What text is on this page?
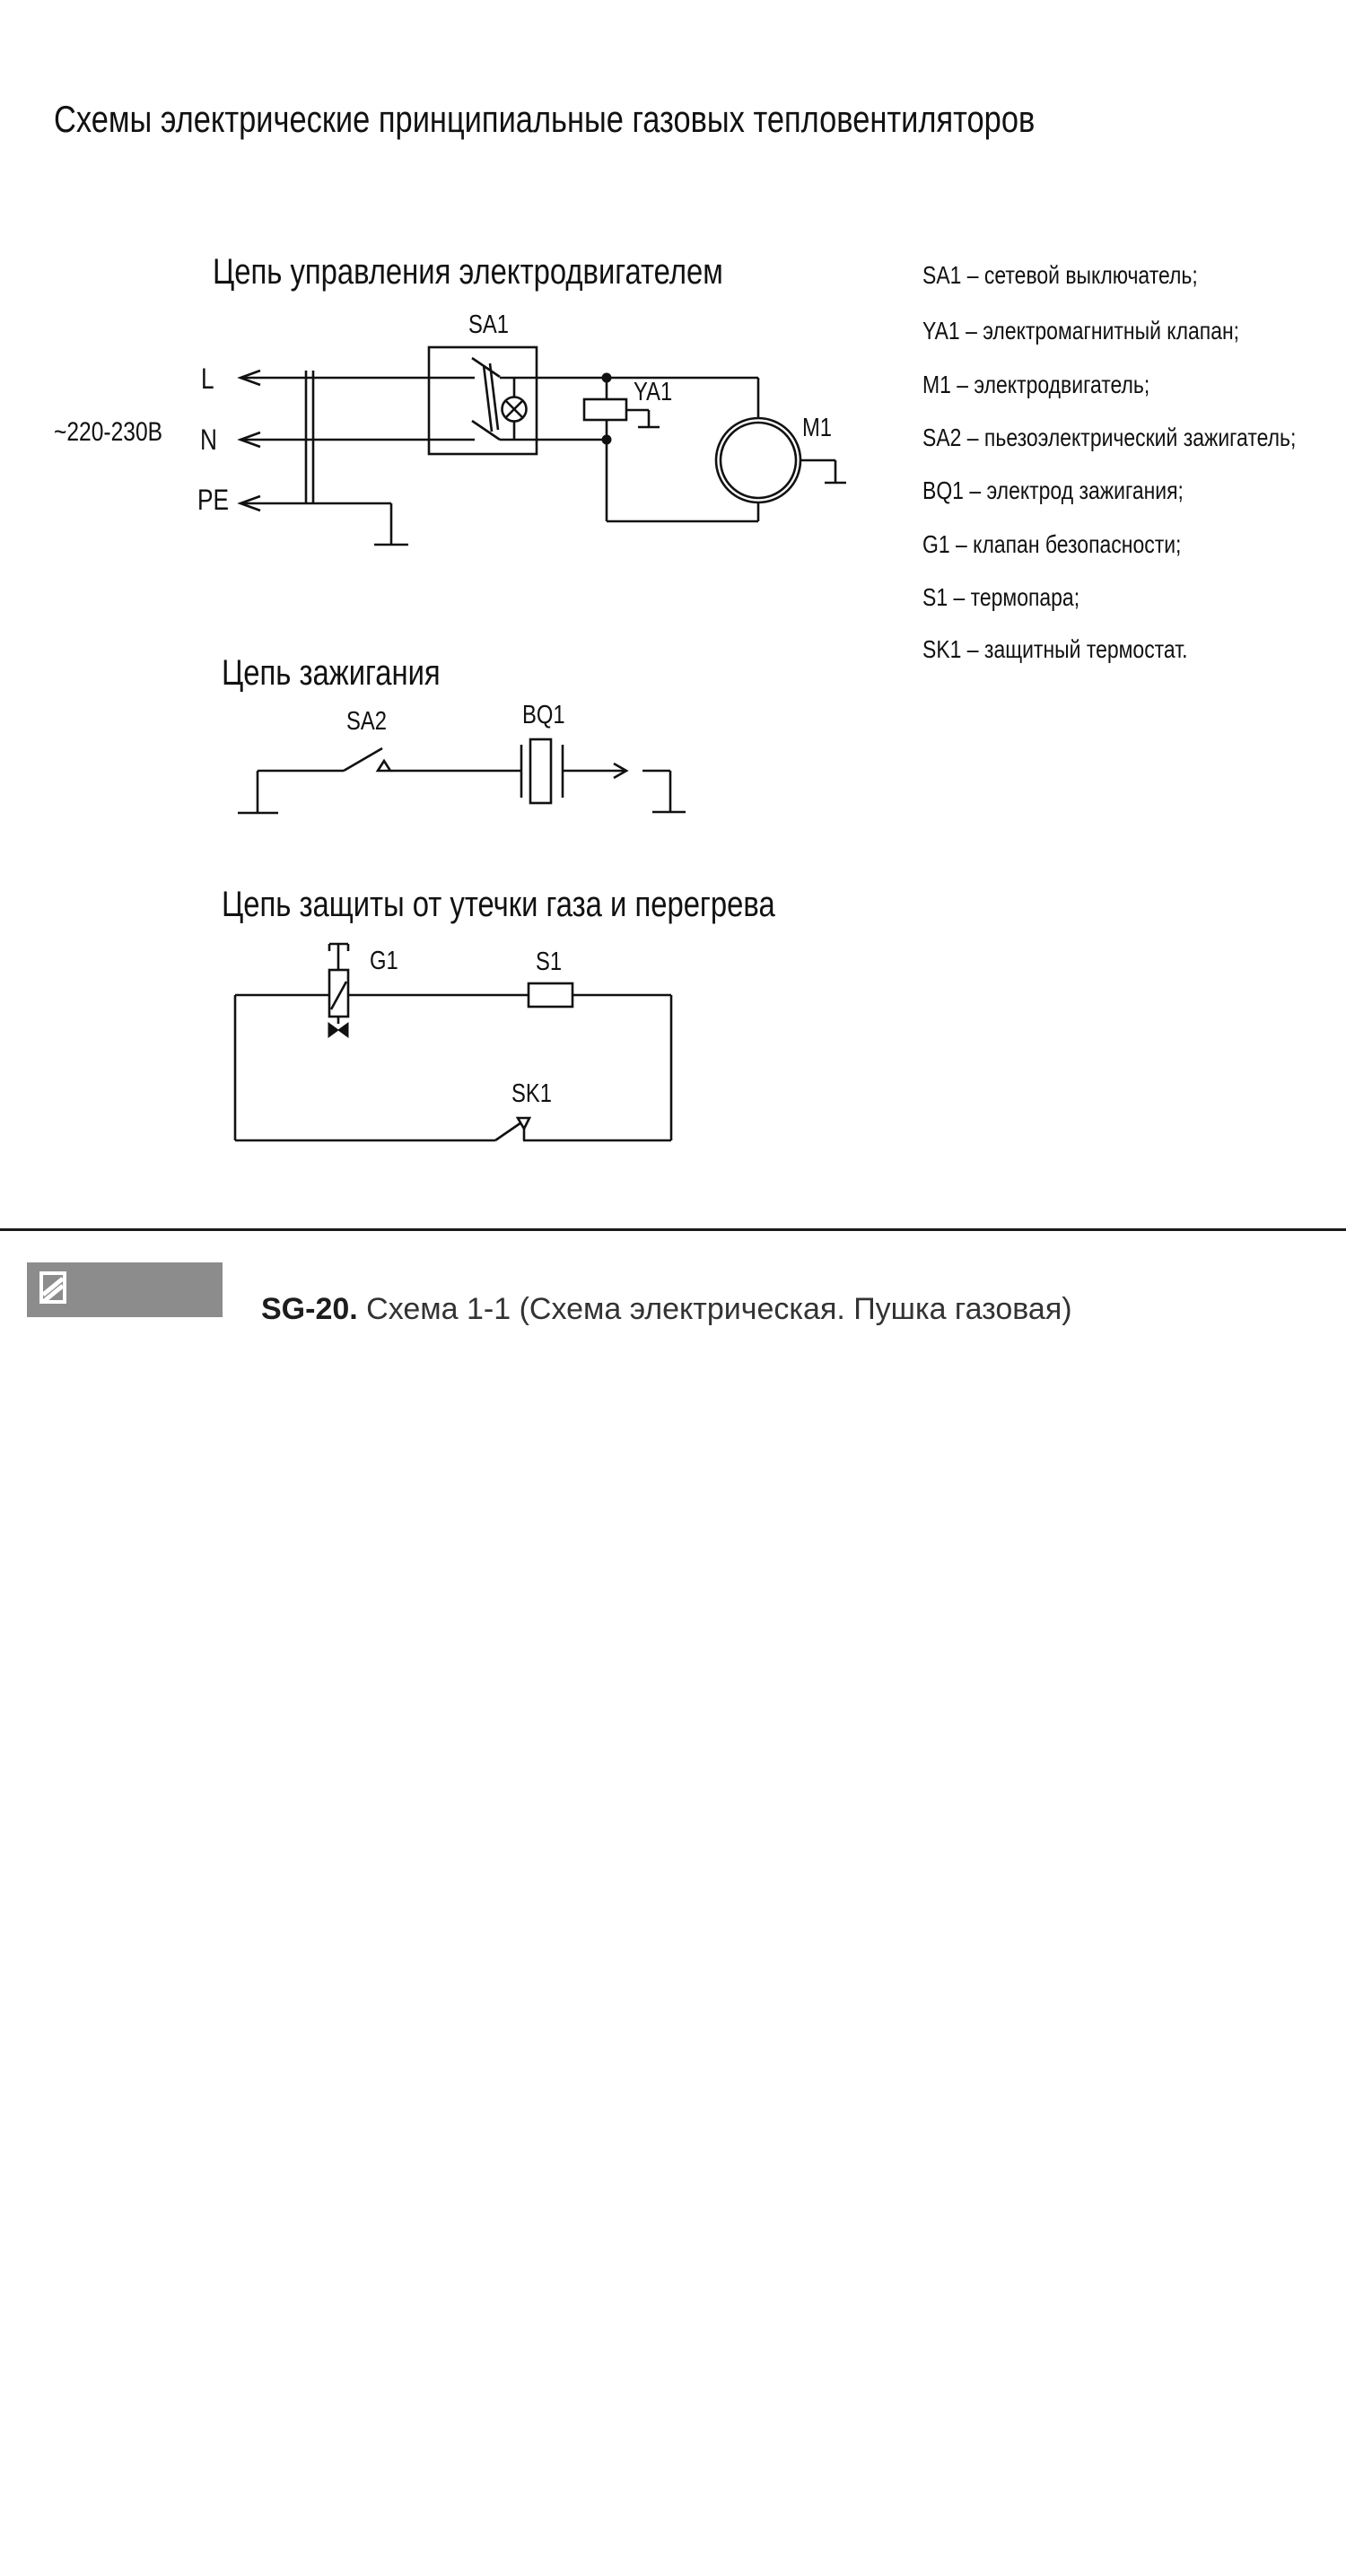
Схемы электрические принципиальные газовых тепловентиляторов
Цепь управления электродвигателем
Цепь зажигания
Цепь защиты от утечки газа и перегрева
~220-230В
L
N
PE
SA1
YA1
M1
SA2	BQ1
G1	S1
SK1
SA1 – сетевой выключатель;
YA1 – электромагнитный клапан;
M1 – электродвигатель;
SA2 – пьезоэлектрический зажигатель;
BQ1 – электрод зажигания;
G1 – клапан безопасности;
S1 – термопара;
SK1 – защитный термостат.
STEHER
SG-20. Схема 1-1 (Схема электрическая. Пушка газовая)
